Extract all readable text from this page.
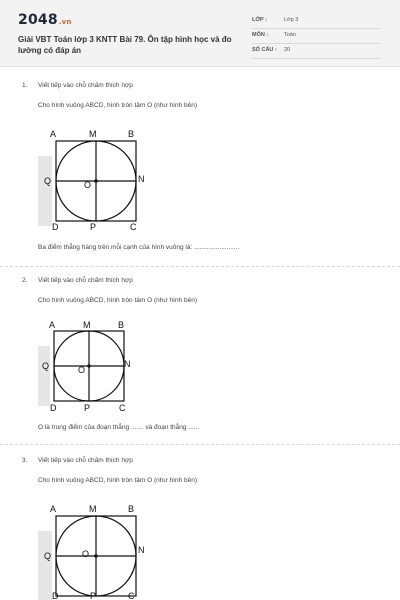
2048.vn
Giải VBT Toán lớp 3 KNTT Bài 79. Ôn tập hình học và đo lường có đáp án
LỚP :	Lớp 3
MÔN :	Toán
SỐ CÂU : 20
1. Viết tiếp vào chỗ chấm thích hợp
Cho hình vuông ABCD, hình tròn tâm O (như hình bên)
Ba điểm thẳng hàng trên mỗi cạnh của hình vuông là: .........................
A	M	B
Q	O
N
D	P	C
2. Viết tiếp vào chỗ chấm thích hợp
Cho hình vuông ABCD, hình tròn tâm O (như hình bên)
O là trung điểm của đoạn thẳng ....... và đoạn thẳng ......
A	M	B
Q	O
N
D	P	C
3. Viết tiếp vào chỗ chấm thích hợp
Cho hình vuông ABCD, hình tròn tâm O (như hình bên)
A	M	B
Q	O	N
D	P	C
